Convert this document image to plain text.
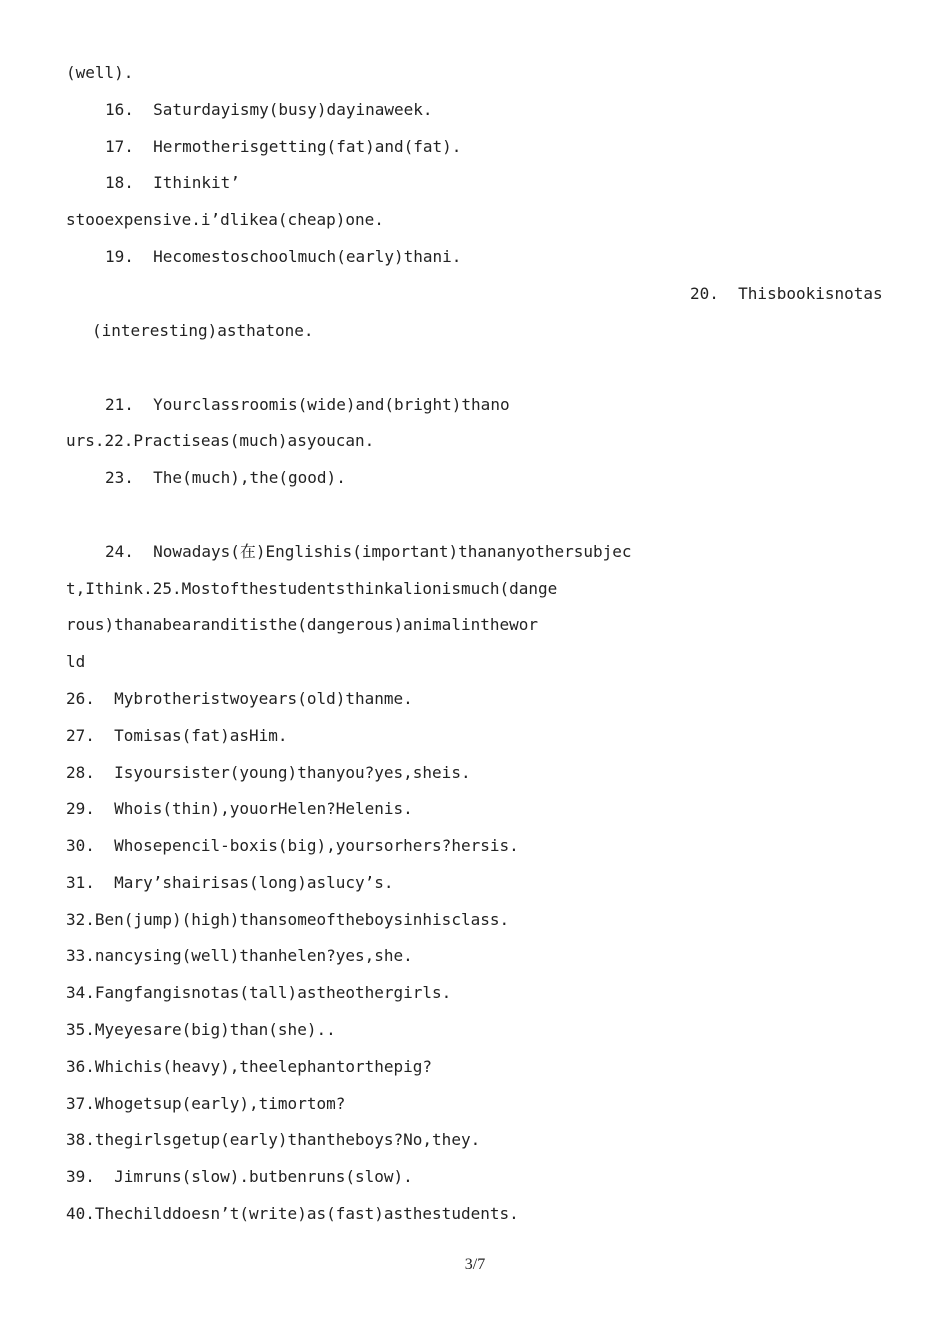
(well).
16.  Saturdayismy(busy)dayinaweek.
17.  Hermotherisgetting(fat)and(fat).
18.  Ithinkit’
stooexpensive.i’dlikea(cheap)one.
19.  Hecomestoschoolmuch(early)thani.
20.  Thisbookisnotas
(interesting)asthatone.
21.  Yourclassroomis(wide)and(bright)thano
urs.22.Practiseas(much)asyoucan.
23.  The(much),the(good).
24.  Nowadays(在)Englishis(important)thananyothersubjec
t,Ithink.25.Mostofthestudentsthinkalionismuch(dange
rous)thanabearanditisthe(dangerous)animalinthewor
ld
26.  Mybrotheristwoyears(old)thanme.
27.  Tomisas(fat)asHim.
28.  Isyoursister(young)thanyou?yes,sheis.
29.  Whois(thin),youorHelen?Helenis.
30.  Whosepencil-boxis(big),yoursorhers?hersis.
31.  Mary’shairisas(long)aslucy’s.
32.Ben(jump)(high)thansomeoftheboysinhisclass.
33.nancysing(well)thanhelen?yes,she.
34.Fangfangisnotas(tall)astheothergirls.
35.Myeyesare(big)than(she)..
36.Whichis(heavy),theelephantorthepig?
37.Whogetsup(early),timortom?
38.thegirlsgetup(early)thantheboys?No,they.
39.  Jimruns(slow).butbenruns(slow).
40.Thechilddoesn’t(write)as(fast)asthestudents.
3/7
